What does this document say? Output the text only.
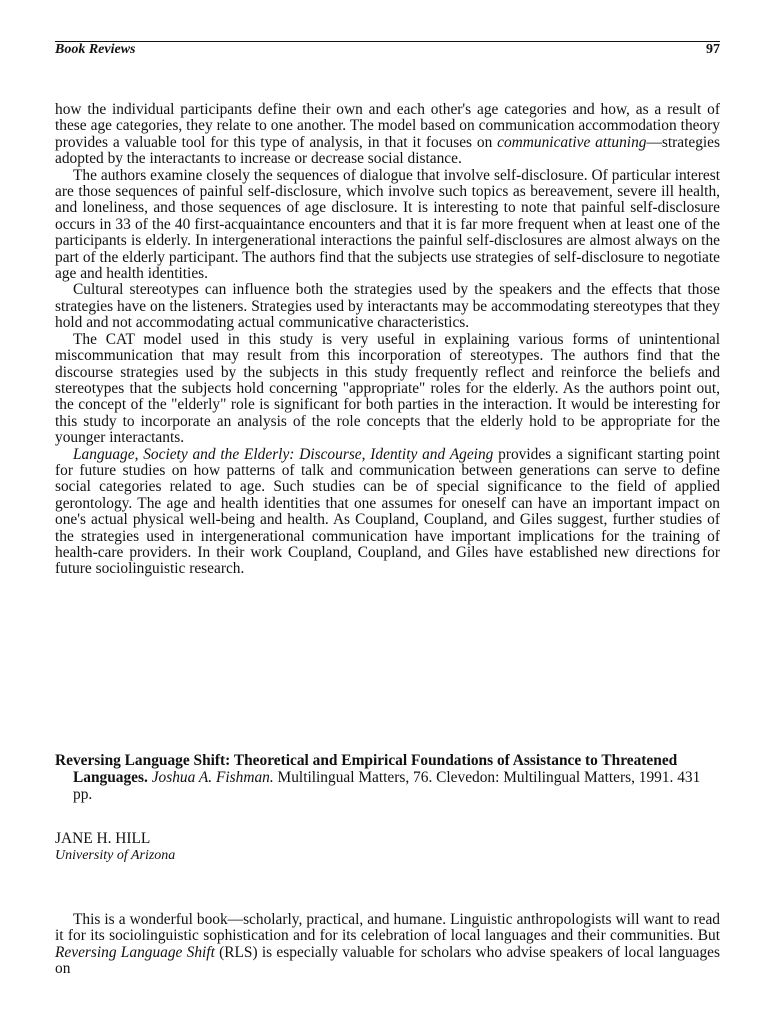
Book Reviews	97

how the individual participants define their own and each other's age categories and how, as a result of these age categories, they relate to one another. The model based on communication accommodation theory provides a valuable tool for this type of analysis, in that it focuses on communicative attuning—strategies adopted by the interactants to increase or decrease social distance.

The authors examine closely the sequences of dialogue that involve self-disclosure. Of particular interest are those sequences of painful self-disclosure, which involve such topics as bereavement, severe ill health, and loneliness, and those sequences of age disclosure. It is interesting to note that painful self-disclosure occurs in 33 of the 40 first-acquaintance encounters and that it is far more frequent when at least one of the participants is elderly. In intergenerational interactions the painful self-disclosures are almost always on the part of the elderly participant. The authors find that the subjects use strategies of self-disclosure to negotiate age and health identities.

Cultural stereotypes can influence both the strategies used by the speakers and the effects that those strategies have on the listeners. Strategies used by interactants may be accommodating stereotypes that they hold and not accommodating actual communicative characteristics.

The CAT model used in this study is very useful in explaining various forms of unintentional miscommunication that may result from this incorporation of stereotypes. The authors find that the discourse strategies used by the subjects in this study frequently reflect and reinforce the beliefs and stereotypes that the subjects hold concerning "appropriate" roles for the elderly. As the authors point out, the concept of the "elderly" role is significant for both parties in the interaction. It would be interesting for this study to incorporate an analysis of the role concepts that the elderly hold to be appropriate for the younger interactants.

Language, Society and the Elderly: Discourse, Identity and Ageing provides a significant starting point for future studies on how patterns of talk and communication between generations can serve to define social categories related to age. Such studies can be of special significance to the field of applied gerontology. The age and health identities that one assumes for oneself can have an important impact on one's actual physical well-being and health. As Coupland, Coupland, and Giles suggest, further studies of the strategies used in intergenerational communication have important implications for the training of health-care providers. In their work Coupland, Coupland, and Giles have established new directions for future sociolinguistic research.

Reversing Language Shift: Theoretical and Empirical Foundations of Assistance to Threatened Languages. Joshua A. Fishman. Multilingual Matters, 76. Clevedon: Multilingual Matters, 1991. 431 pp.
JANE H. HILL
University of Arizona

This is a wonderful book—scholarly, practical, and humane. Linguistic anthropologists will want to read it for its sociolinguistic sophistication and for its celebration of local languages and their communities. But Reversing Language Shift (RLS) is especially valuable for scholars who advise speakers of local languages on
